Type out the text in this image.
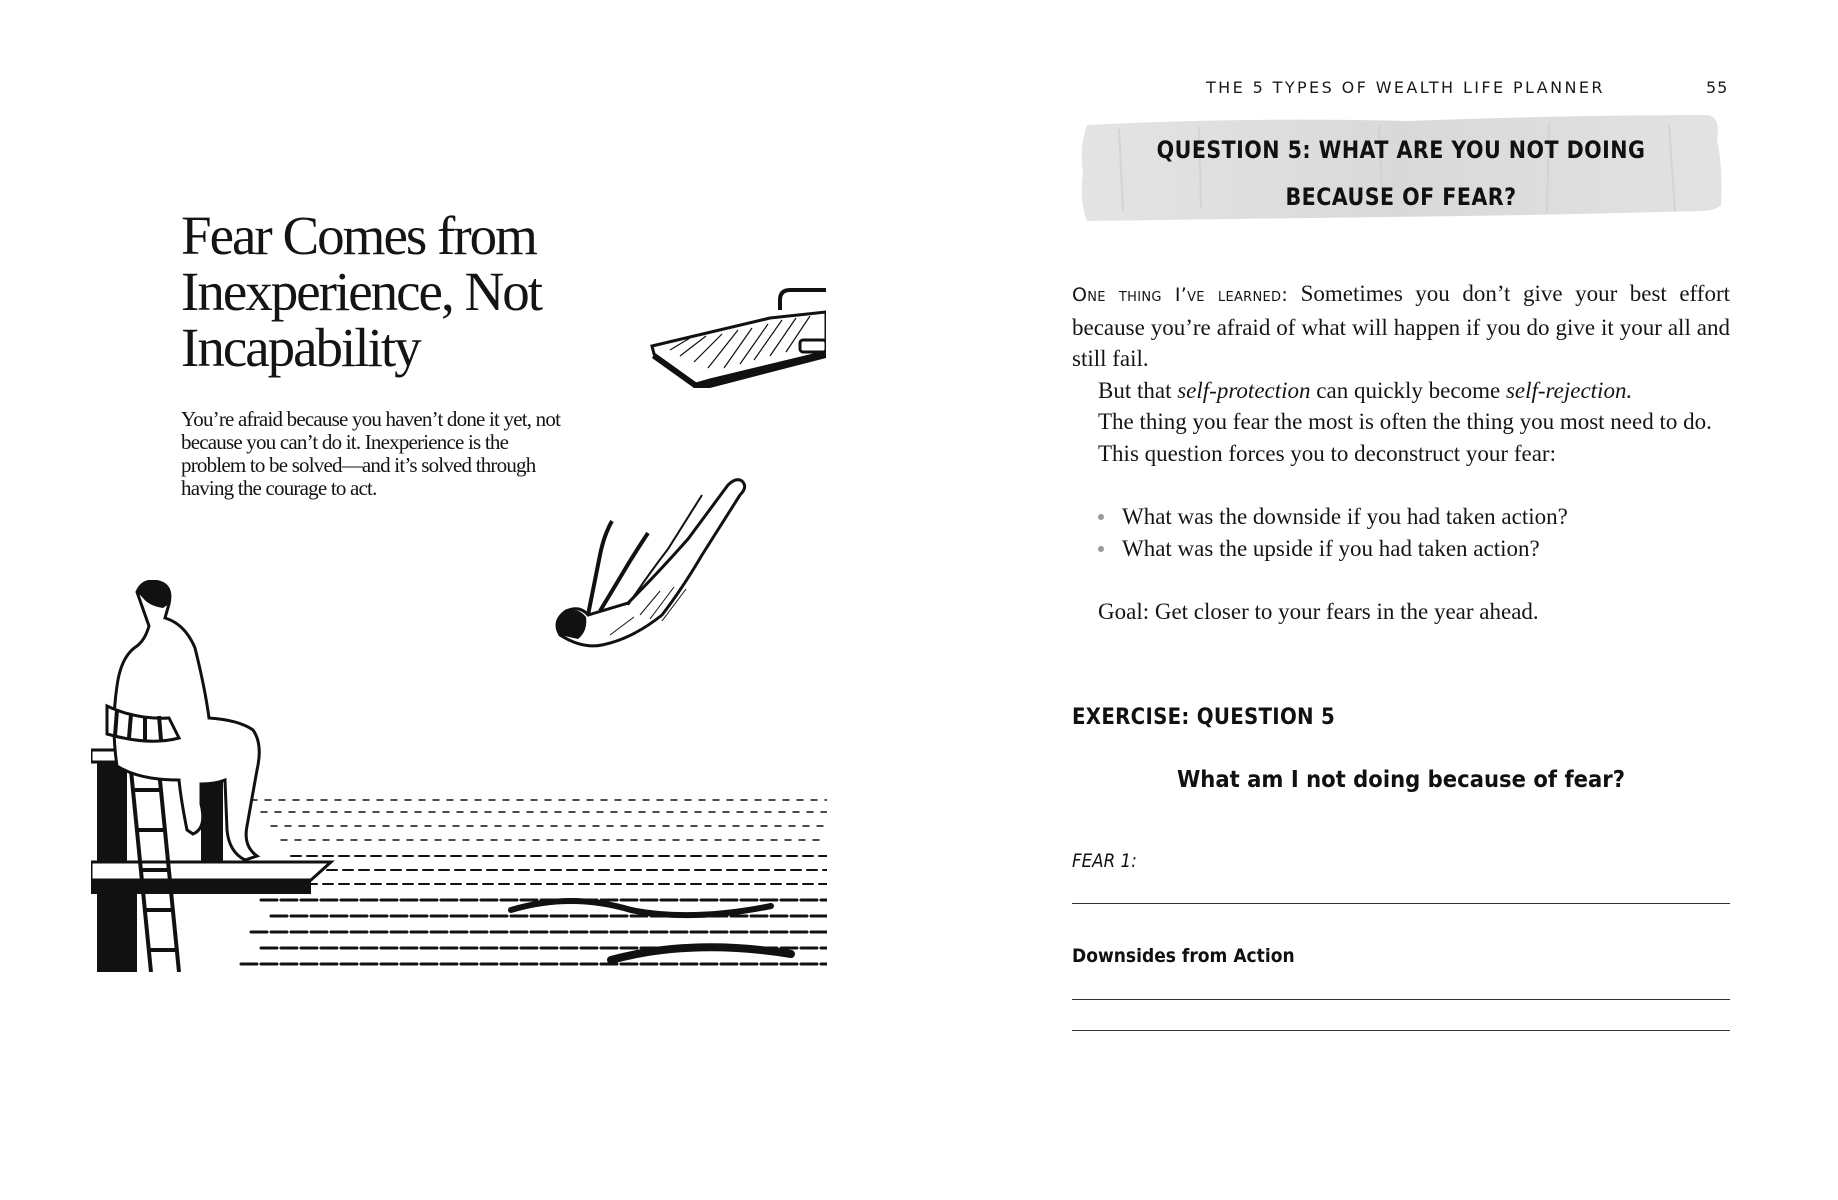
Fear Comes from
Inexperience, Not
Incapability

You’re afraid because you haven’t done it yet, not because you can’t do it. Inexperience is the problem to be solved—and it’s solved through having the courage to act.

THE 5 TYPES OF WEALTH LIFE PLANNER	55
QUESTION 5: WHAT ARE YOU NOT DOING
BECAUSE OF FEAR?

One thing I’ve learned: Sometimes you don’t give your best effort because you’re afraid of what will happen if you do give it your all and still fail.

But that self-protection can quickly become self-rejection.

The thing you fear the most is often the thing you most need to do.

This question forces you to deconstruct your fear:

What was the downside if you had taken action?
What was the upside if you had taken action?

Goal: Get closer to your fears in the year ahead.

EXERCISE: QUESTION 5
What am I not doing because of fear?
FEAR 1:
Downsides from Action
